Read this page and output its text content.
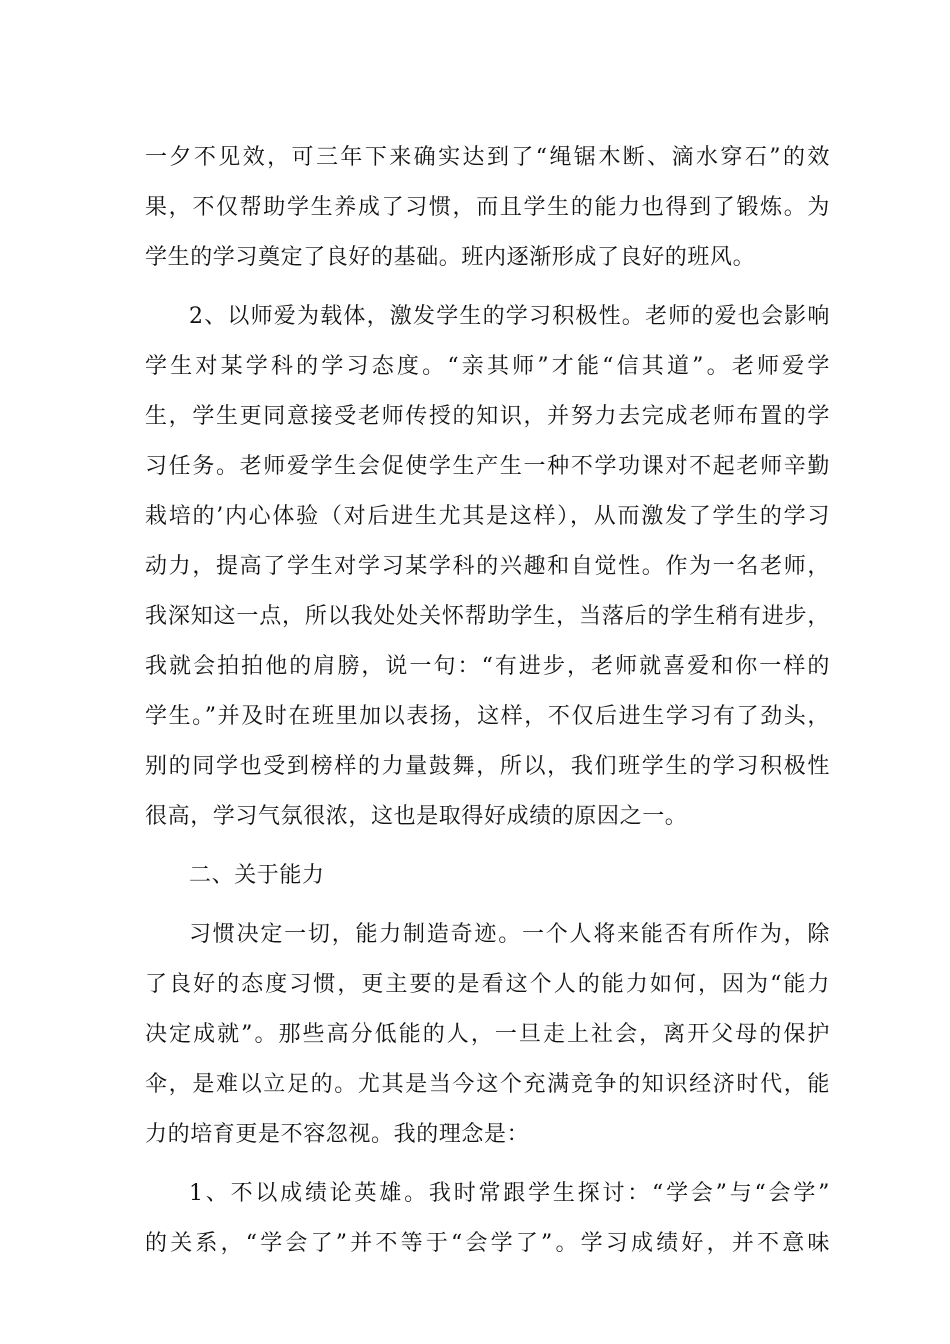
一夕不见效，可三年下来确实达到了“绳锯木断、滴水穿石”的效
果，不仅帮助学生养成了习惯，而且学生的能力也得到了锻炼。为
学生的学习奠定了良好的基础。班内逐渐形成了良好的班风。
2、以师爱为载体，激发学生的学习积极性。老师的爱也会影响
学生对某学科的学习态度。“亲其师”才能“信其道”。老师爱学
生，学生更同意接受老师传授的知识，并努力去完成老师布置的学
习任务。老师爱学生会促使学生产生一种不学功课对不起老师辛勤
栽培的’内心体验（对后进生尤其是这样），从而激发了学生的学习
动力，提高了学生对学习某学科的兴趣和自觉性。作为一名老师，
我深知这一点，所以我处处关怀帮助学生，当落后的学生稍有进步，
我就会拍拍他的肩膀，说一句：“有进步，老师就喜爱和你一样的
学生。”并及时在班里加以表扬，这样，不仅后进生学习有了劲头，
别的同学也受到榜样的力量鼓舞，所以，我们班学生的学习积极性
很高，学习气氛很浓，这也是取得好成绩的原因之一。
二、关于能力
习惯决定一切，能力制造奇迹。一个人将来能否有所作为，除
了良好的态度习惯，更主要的是看这个人的能力如何，因为“能力
决定成就”。那些高分低能的人，一旦走上社会，离开父母的保护
伞，是难以立足的。尤其是当今这个充满竞争的知识经济时代，能
力的培育更是不容忽视。我的理念是：
1、不以成绩论英雄。我时常跟学生探讨：“学会”与“会学”
的关系，“学会了”并不等于“会学了”。学习成绩好，并不意味
